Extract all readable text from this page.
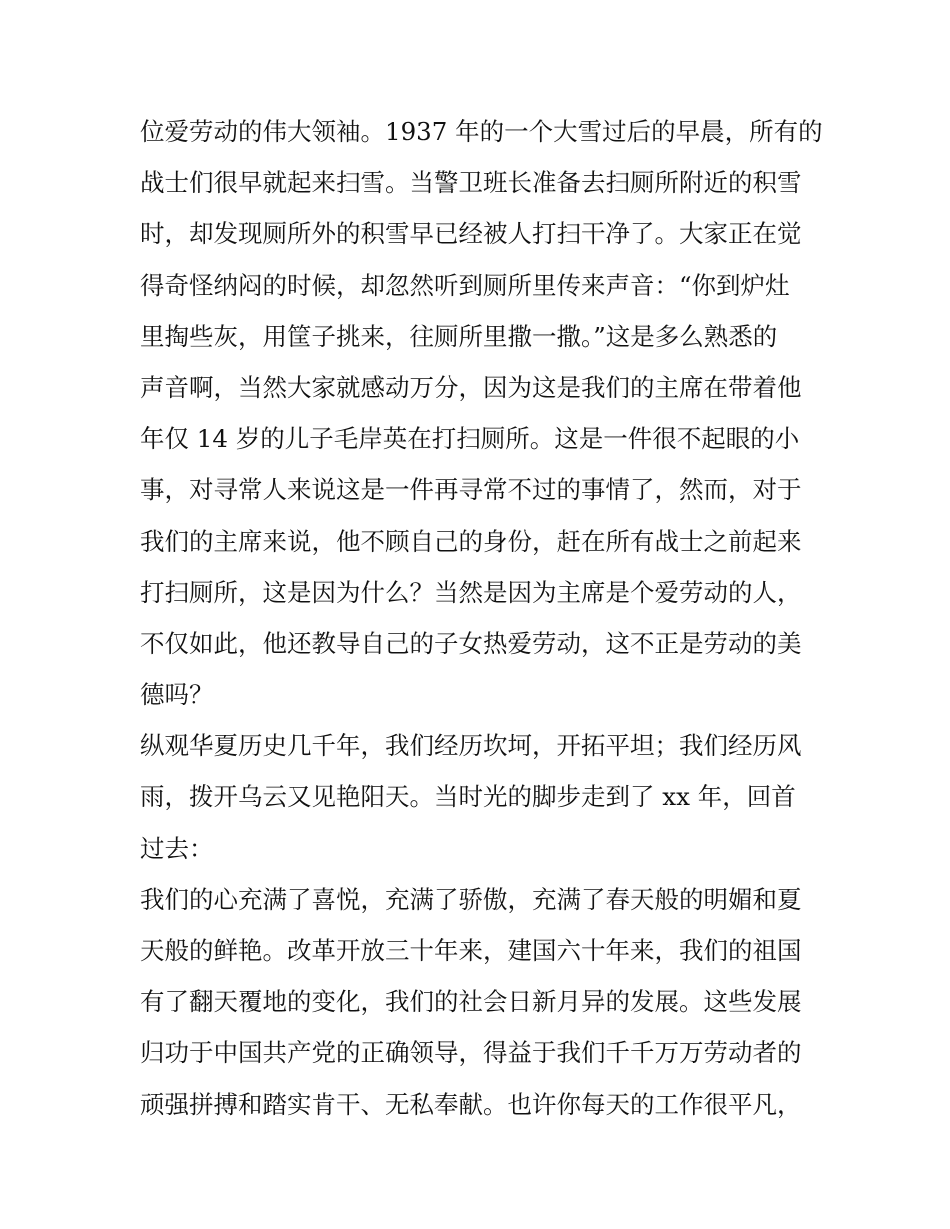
位爱劳动的伟大领袖。1937 年的一个大雪过后的早晨，所有的
战士们很早就起来扫雪。当警卫班长准备去扫厕所附近的积雪
时，却发现厕所外的积雪早已经被人打扫干净了。大家正在觉
得奇怪纳闷的时候，却忽然听到厕所里传来声音：“你到炉灶
里掏些灰，用筐子挑来，往厕所里撒一撒。”这是多么熟悉的
声音啊，当然大家就感动万分，因为这是我们的主席在带着他
年仅 14 岁的儿子毛岸英在打扫厕所。这是一件很不起眼的小
事，对寻常人来说这是一件再寻常不过的事情了，然而，对于
我们的主席来说，他不顾自己的身份，赶在所有战士之前起来
打扫厕所，这是因为什么？当然是因为主席是个爱劳动的人，
不仅如此，他还教导自己的子女热爱劳动，这不正是劳动的美
德吗？
纵观华夏历史几千年，我们经历坎坷，开拓平坦；我们经历风
雨，拨开乌云又见艳阳天。当时光的脚步走到了 xx 年，回首
过去：
我们的心充满了喜悦，充满了骄傲，充满了春天般的明媚和夏
天般的鲜艳。改革开放三十年来，建国六十年来，我们的祖国
有了翻天覆地的变化，我们的社会日新月异的发展。这些发展
归功于中国共产党的正确领导，得益于我们千千万万劳动者的
顽强拼搏和踏实肯干、无私奉献。也许你每天的工作很平凡，
